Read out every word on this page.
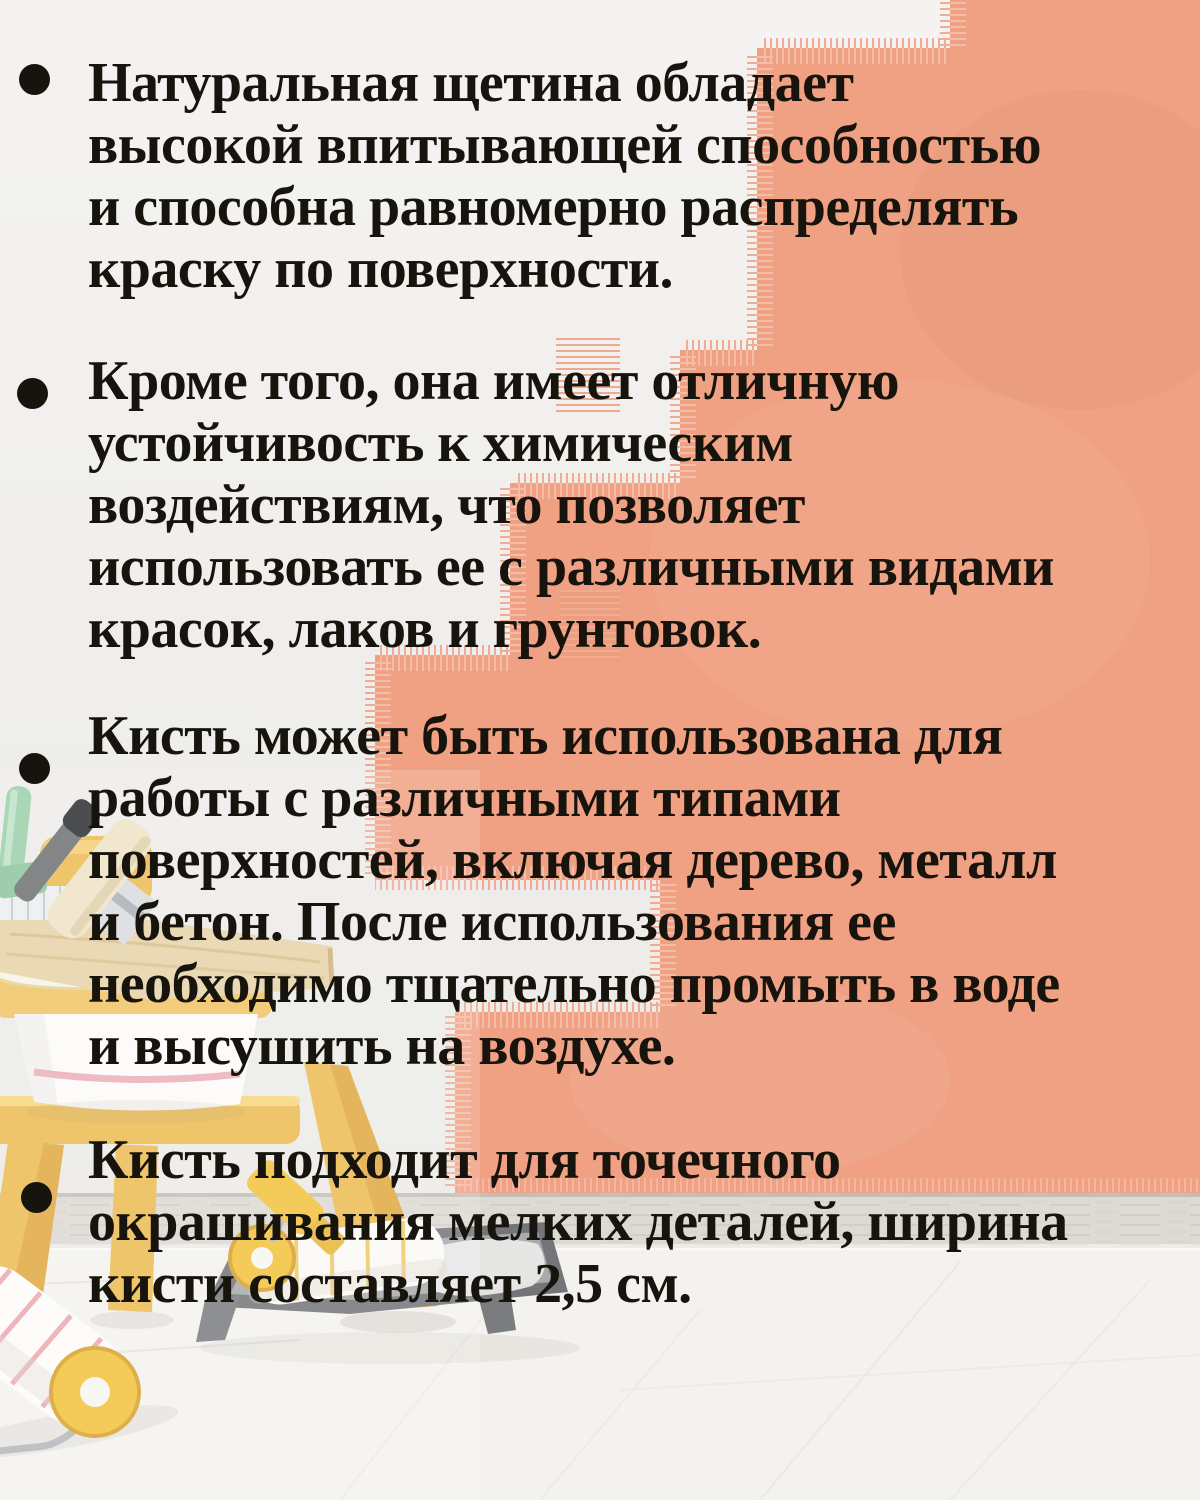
Натуральная щетина обладает
высокой впитывающей способностью
и способна равномерно распределять
краску по поверхности.
Кроме того, она имеет отличную
устойчивость к химическим
воздействиям, что позволяет
использовать ее с различными видами
красок, лаков и грунтовок.
Кисть может быть использована для
работы с различными типами
поверхностей, включая дерево, металл
и бетон. После использования ее
необходимо тщательно промыть в воде
и высушить на воздухе.
Кисть подходит для точечного
окрашивания мелких деталей, ширина
кисти составляет 2,5 см.
